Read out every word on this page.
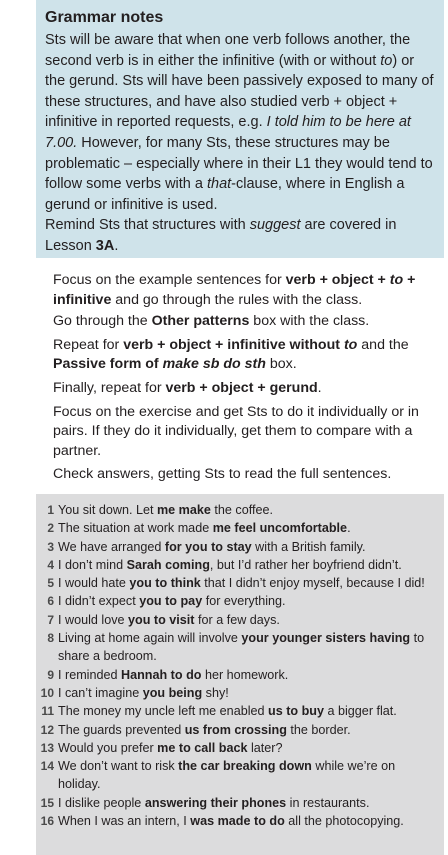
Grammar notes

Sts will be aware that when one verb follows another, the second verb is in either the infinitive (with or without to) or the gerund. Sts will have been passively exposed to many of these structures, and have also studied verb + object + infinitive in reported requests, e.g. I told him to be here at 7.00. However, for many Sts, these structures may be problematic – especially where in their L1 they would tend to follow some verbs with a that-clause, where in English a gerund or infinitive is used.

Remind Sts that structures with suggest are covered in Lesson 3A.

Focus on the example sentences for verb + object + to + infinitive and go through the rules with the class.

Go through the Other patterns box with the class.

Repeat for verb + object + infinitive without to and the Passive form of make sb do sth box.

Finally, repeat for verb + object + gerund.

Focus on the exercise and get Sts to do it individually or in pairs. If they do it individually, get them to compare with a partner.

Check answers, getting Sts to read the full sentences.

1 You sit down. Let me make the coffee.
2 The situation at work made me feel uncomfortable.
3 We have arranged for you to stay with a British family.
4 I don’t mind Sarah coming, but I’d rather her boyfriend didn’t.
5 I would hate you to think that I didn’t enjoy myself, because I did!
6 I didn’t expect you to pay for everything.
7 I would love you to visit for a few days.
8 Living at home again will involve your younger sisters having to share a bedroom.
9 I reminded Hannah to do her homework.
10 I can’t imagine you being shy!
11 The money my uncle left me enabled us to buy a bigger flat.
12 The guards prevented us from crossing the border.
13 Would you prefer me to call back later?
14 We don’t want to risk the car breaking down while we’re on holiday.
15 I dislike people answering their phones in restaurants.
16 When I was an intern, I was made to do all the photocopying.
